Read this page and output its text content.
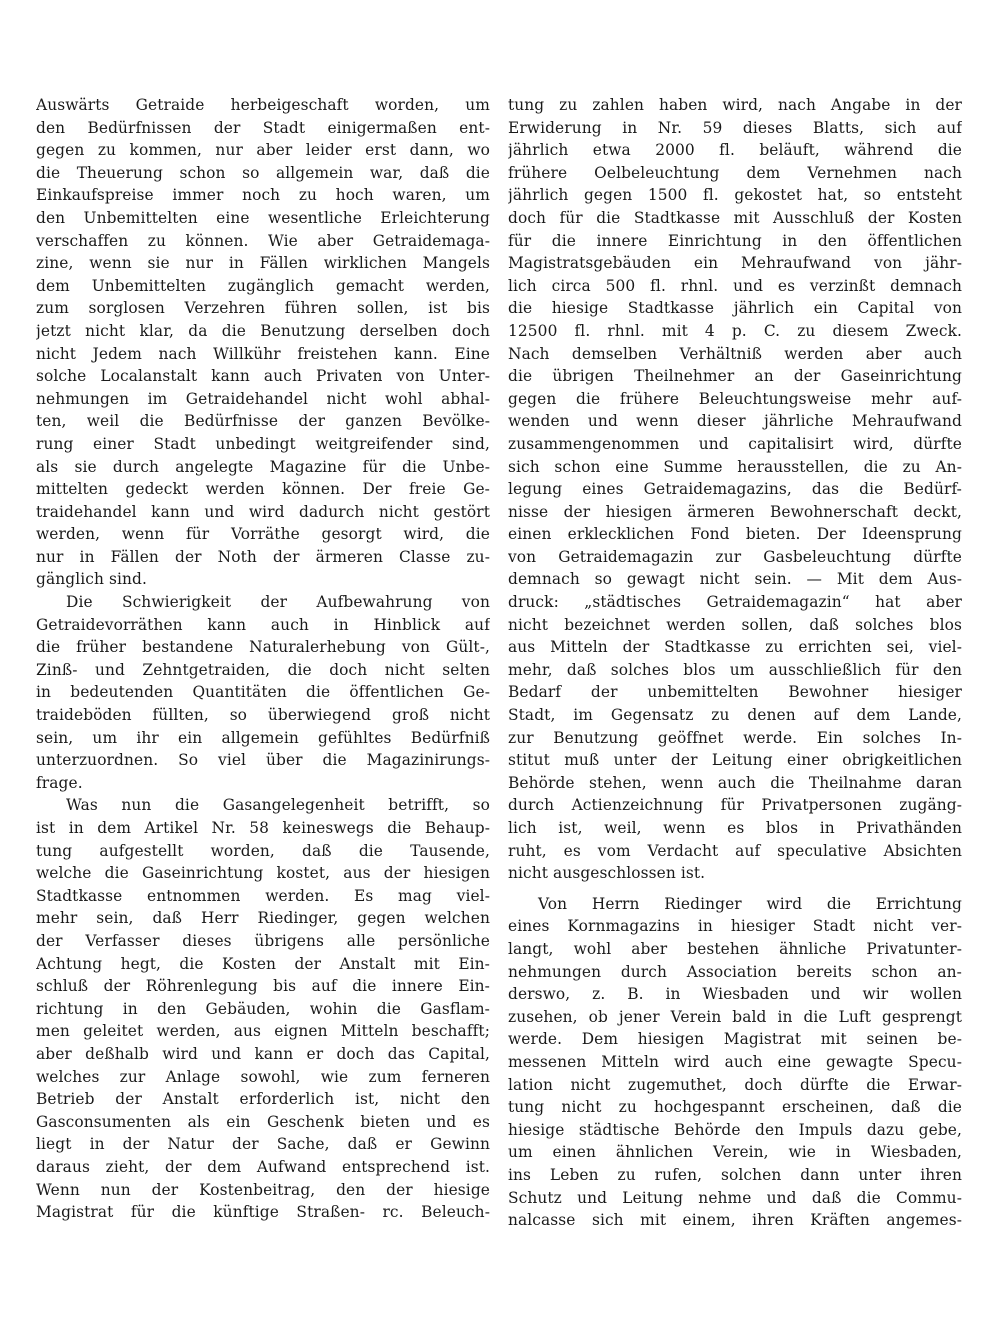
Auswärts Getraide herbeigeschaft worden, um
den Bedürfnissen der Stadt einigermaßen ent-
gegen zu kommen, nur aber leider erst dann, wo
die Theuerung schon so allgemein war, daß die
Einkaufspreise immer noch zu hoch waren, um
den Unbemittelten eine wesentliche Erleichterung
verschaffen zu können. Wie aber Getraidemaga-
zine, wenn sie nur in Fällen wirklichen Mangels
dem Unbemittelten zugänglich gemacht werden,
zum sorglosen Verzehren führen sollen, ist bis
jetzt nicht klar, da die Benutzung derselben doch
nicht Jedem nach Willkühr freistehen kann. Eine
solche Localanstalt kann auch Privaten von Unter-
nehmungen im Getraidehandel nicht wohl abhal-
ten, weil die Bedürfnisse der ganzen Bevölke-
rung einer Stadt unbedingt weitgreifender sind,
als sie durch angelegte Magazine für die Unbe-
mittelten gedeckt werden können. Der freie Ge-
traidehandel kann und wird dadurch nicht gestört
werden, wenn für Vorräthe gesorgt wird, die
nur in Fällen der Noth der ärmeren Classe zu-
gänglich sind.
Die Schwierigkeit der Aufbewahrung von
Getraidevorräthen kann auch in Hinblick auf
die früher bestandene Naturalerhebung von Gült-,
Zinß- und Zehntgetraiden, die doch nicht selten
in bedeutenden Quantitäten die öffentlichen Ge-
traideböden füllten, so überwiegend groß nicht
sein, um ihr ein allgemein gefühltes Bedürfniß
unterzuordnen. So viel über die Magazinirungs-
frage.
Was nun die Gasangelegenheit betrifft, so
ist in dem Artikel Nr. 58 keineswegs die Behaup-
tung aufgestellt worden, daß die Tausende,
welche die Gaseinrichtung kostet, aus der hiesigen
Stadtkasse entnommen werden. Es mag viel-
mehr sein, daß Herr Riedinger, gegen welchen
der Verfasser dieses übrigens alle persönliche
Achtung hegt, die Kosten der Anstalt mit Ein-
schluß der Röhrenlegung bis auf die innere Ein-
richtung in den Gebäuden, wohin die Gasflam-
men geleitet werden, aus eignen Mitteln beschafft;
aber deßhalb wird und kann er doch das Capital,
welches zur Anlage sowohl, wie zum ferneren
Betrieb der Anstalt erforderlich ist, nicht den
Gasconsumenten als ein Geschenk bieten und es
liegt in der Natur der Sache, daß er Gewinn
daraus zieht, der dem Aufwand entsprechend ist.
Wenn nun der Kostenbeitrag, den der hiesige
Magistrat für die künftige Straßen- rc. Beleuch-
tung zu zahlen haben wird, nach Angabe in der
Erwiderung in Nr. 59 dieses Blatts, sich auf
jährlich etwa 2000 fl. beläuft, während die
frühere Oelbeleuchtung dem Vernehmen nach
jährlich gegen 1500 fl. gekostet hat, so entsteht
doch für die Stadtkasse mit Ausschluß der Kosten
für die innere Einrichtung in den öffentlichen
Magistratsgebäuden ein Mehraufwand von jähr-
lich circa 500 fl. rhnl. und es verzinßt demnach
die hiesige Stadtkasse jährlich ein Capital von
12500 fl. rhnl. mit 4 p. C. zu diesem Zweck.
Nach demselben Verhältniß werden aber auch
die übrigen Theilnehmer an der Gaseinrichtung
gegen die frühere Beleuchtungsweise mehr auf-
wenden und wenn dieser jährliche Mehraufwand
zusammengenommen und capitalisirt wird, dürfte
sich schon eine Summe herausstellen, die zu An-
legung eines Getraidemagazins, das die Bedürf-
nisse der hiesigen ärmeren Bewohnerschaft deckt,
einen erklecklichen Fond bieten. Der Ideensprung
von Getraidemagazin zur Gasbeleuchtung dürfte
demnach so gewagt nicht sein. — Mit dem Aus-
druck: „städtisches Getraidemagazin“ hat aber
nicht bezeichnet werden sollen, daß solches blos
aus Mitteln der Stadtkasse zu errichten sei, viel-
mehr, daß solches blos um ausschließlich für den
Bedarf der unbemittelten Bewohner hiesiger
Stadt, im Gegensatz zu denen auf dem Lande,
zur Benutzung geöffnet werde. Ein solches In-
stitut muß unter der Leitung einer obrigkeitlichen
Behörde stehen, wenn auch die Theilnahme daran
durch Actienzeichnung für Privatpersonen zugäng-
lich ist, weil, wenn es blos in Privathänden
ruht, es vom Verdacht auf speculative Absichten
nicht ausgeschlossen ist.
Von Herrn Riedinger wird die Errichtung
eines Kornmagazins in hiesiger Stadt nicht ver-
langt, wohl aber bestehen ähnliche Privatunter-
nehmungen durch Association bereits schon an-
derswo, z. B. in Wiesbaden und wir wollen
zusehen, ob jener Verein bald in die Luft gesprengt
werde. Dem hiesigen Magistrat mit seinen be-
messenen Mitteln wird auch eine gewagte Specu-
lation nicht zugemuthet, doch dürfte die Erwar-
tung nicht zu hochgespannt erscheinen, daß die
hiesige städtische Behörde den Impuls dazu gebe,
um einen ähnlichen Verein, wie in Wiesbaden,
ins Leben zu rufen, solchen dann unter ihren
Schutz und Leitung nehme und daß die Commu-
nalcasse sich mit einem, ihren Kräften angemes-
